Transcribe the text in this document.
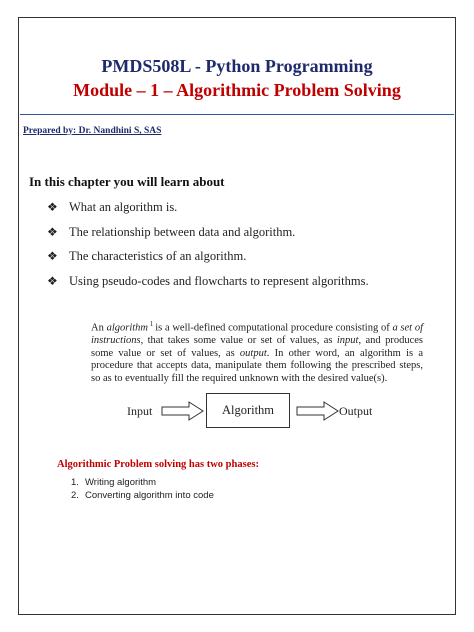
PMDS508L - Python Programming
Module – 1 – Algorithmic Problem Solving
Prepared by: Dr. Nandhini S, SAS
In this chapter you will learn about
❖ What an algorithm is.
❖ The relationship between data and algorithm.
❖ The characteristics of an algorithm.
❖ Using pseudo-codes and flowcharts to represent algorithms.
An algorithm $^1$ is a well-defined computational procedure consisting of a set of instructions, that takes some value or set of values, as input, and produces some value or set of values, as output. In other word, an algorithm is a procedure that accepts data, manipulate them following the prescribed steps, so as to eventually fill the required unknown with the desired value(s).
Input	Algorithm	Output
Algorithmic Problem solving has two phases:
1. Writing algorithm
2. Converting algorithm into code
